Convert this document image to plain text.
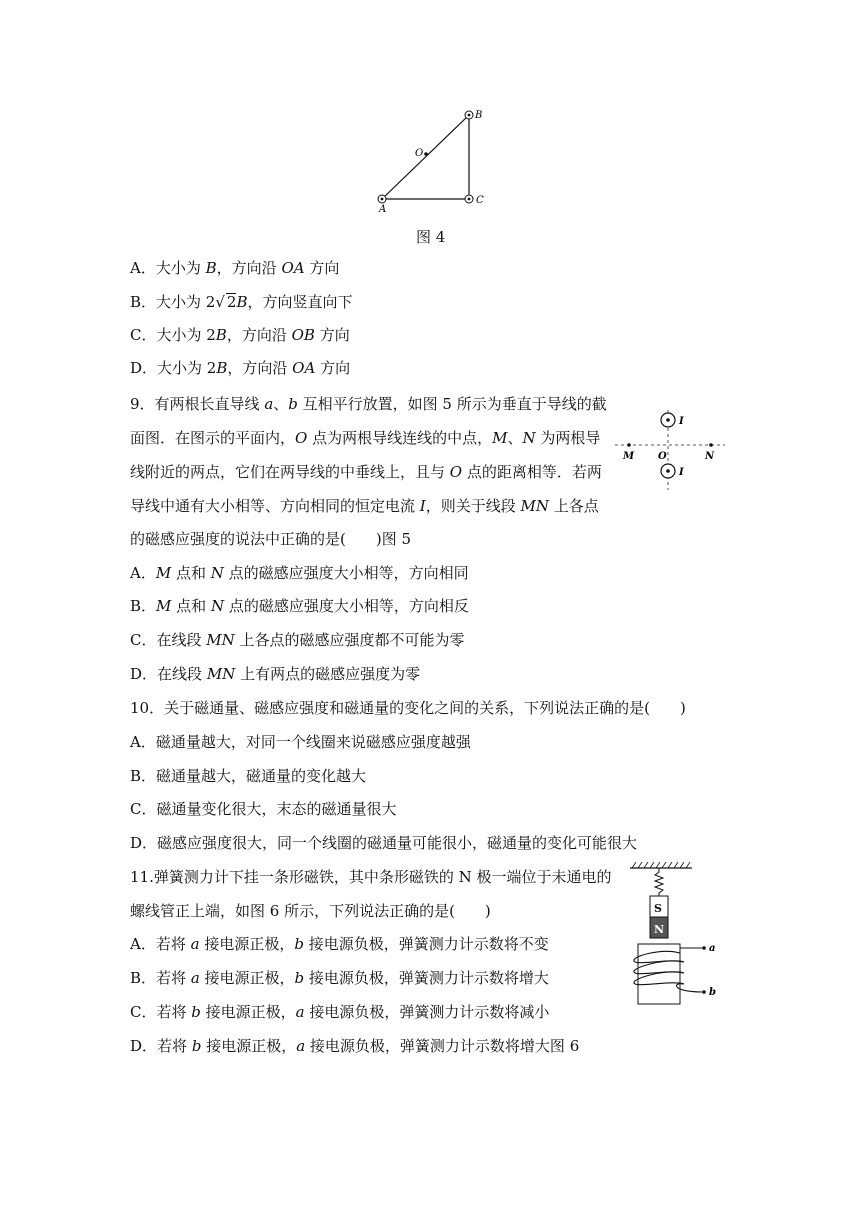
A
B
C
O
图 4
A．大小为 B，方向沿 OA 方向
B．大小为 2√ 2B，方向竖直向下
C．大小为 2B，方向沿 OB 方向
D．大小为 2B，方向沿 OA 方向
9．有两根长直导线 a、b 互相平行放置，如图 5 所示为垂直于导线的截
面图．在图示的平面内，O 点为两根导线连线的中点，M、N 为两根导
线附近的两点，它们在两导线的中垂线上，且与 O 点的距离相等．若两
导线中通有大小相等、方向相同的恒定电流 I，则关于线段 MN 上各点
的磁感应强度的说法中正确的是(　　)图 5
I
I
M O	N
A．M 点和 N 点的磁感应强度大小相等，方向相同
B．M 点和 N 点的磁感应强度大小相等，方向相反
C．在线段 MN 上各点的磁感应强度都不可能为零
D．在线段 MN 上有两点的磁感应强度为零
10．关于磁通量、磁感应强度和磁通量的变化之间的关系，下列说法正确的是(　　)
A．磁通量越大，对同一个线圈来说磁感应强度越强
B．磁通量越大，磁通量的变化越大
C．磁通量变化很大，末态的磁通量很大
D．磁感应强度很大，同一个线圈的磁通量可能很小，磁通量的变化可能很大
11.弹簧测力计下挂一条形磁铁，其中条形磁铁的 N 极一端位于未通电的
螺线管正上端，如图 6 所示，下列说法正确的是(　　)	S
N
a
b
A．若将 a 接电源正极，b 接电源负极，弹簧测力计示数将不变
B．若将 a 接电源正极，b 接电源负极，弹簧测力计示数将增大
C．若将 b 接电源正极，a 接电源负极，弹簧测力计示数将减小
D．若将 b 接电源正极，a 接电源负极，弹簧测力计示数将增大图 6
